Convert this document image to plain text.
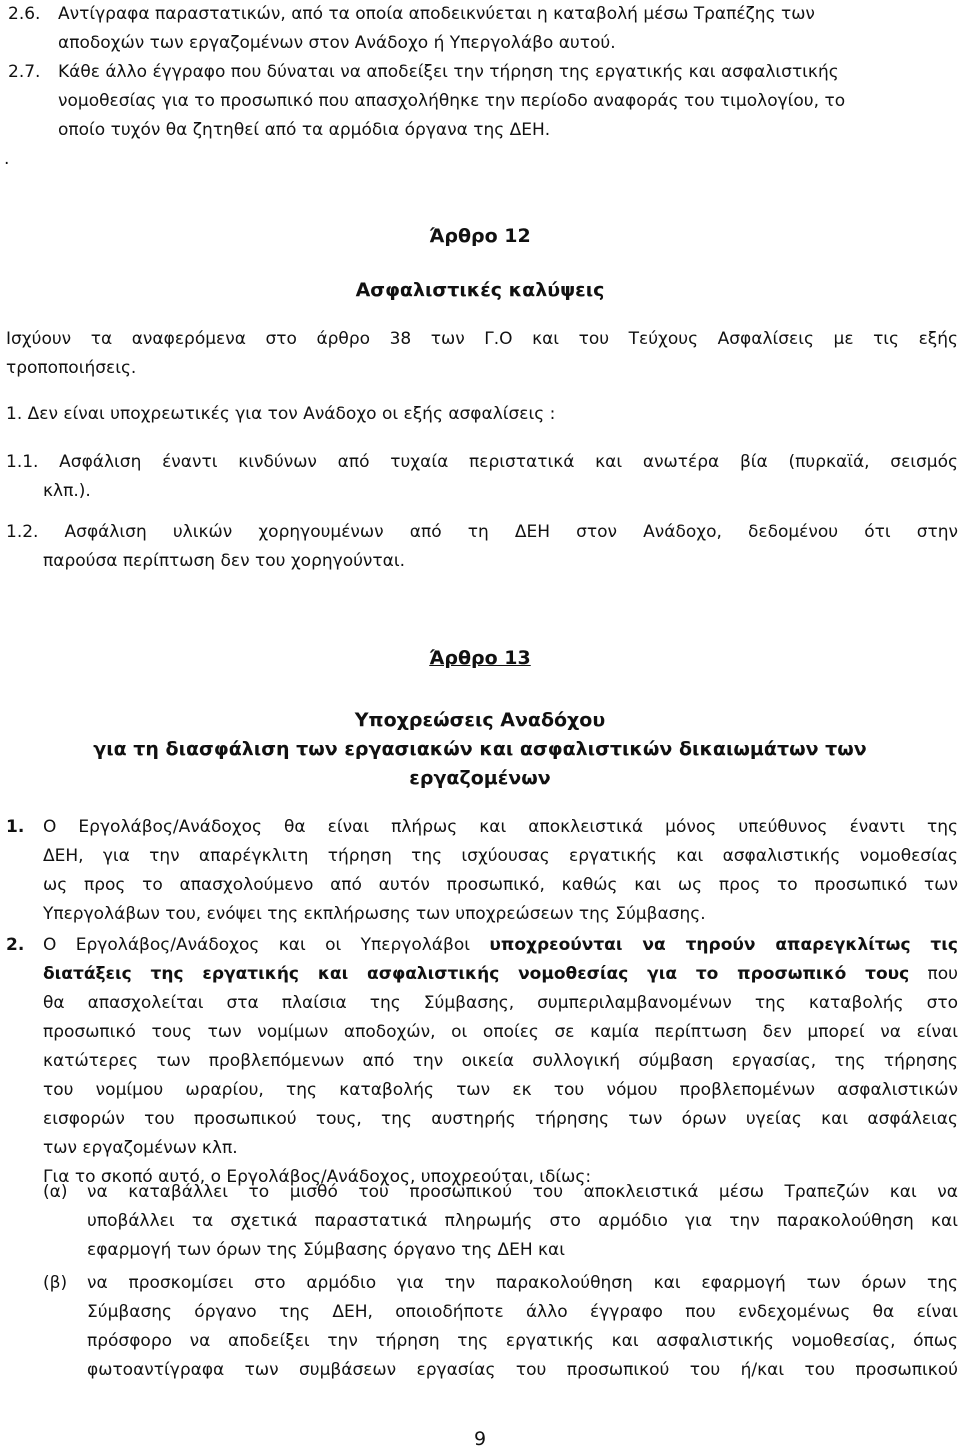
2.6. Αντίγραφα παραστατικών, από τα οποία αποδεικνύεται η καταβολή μέσω Τραπέζης των
αποδοχών των εργαζομένων στον Ανάδοχο ή Υπεργολάβο αυτού.
2.7. Κάθε άλλο έγγραφο που δύναται να αποδείξει την τήρηση της εργατικής και ασφαλιστικής
νομοθεσίας για το προσωπικό που απασχολήθηκε την περίοδο αναφοράς του τιμολογίου, το
οποίο τυχόν θα ζητηθεί από τα αρμόδια όργανα της ΔΕΗ.
.
Άρθρο 12
Ασφαλιστικές καλύψεις
Ισχύουν τα αναφερόμενα στο άρθρο 38 των Γ.Ο και του Τεύχους Ασφαλίσεις με τις εξής
τροποποιήσεις.
1. Δεν είναι υποχρεωτικές για τον Ανάδοχο οι εξής ασφαλίσεις :
1.1. Ασφάλιση έναντι κινδύνων από τυχαία περιστατικά και ανωτέρα βία (πυρκαϊά, σεισμός
κλπ.).
1.2. Ασφάλιση υλικών χορηγουμένων από τη ΔΕΗ στον Ανάδοχο, δεδομένου ότι στην
παρούσα περίπτωση δεν του χορηγούνται.
Άρθρο 13
Υποχρεώσεις Αναδόχου
για τη διασφάλιση των εργασιακών και ασφαλιστικών δικαιωμάτων των
εργαζομένων
1. Ο Εργολάβος/Ανάδοχος θα είναι πλήρως και αποκλειστικά μόνος υπεύθυνος έναντι της
ΔΕΗ, για την απαρέγκλιτη τήρηση της ισχύουσας εργατικής και ασφαλιστικής νομοθεσίας
ως προς το απασχολούμενο από αυτόν προσωπικό, καθώς και ως προς το προσωπικό των
Υπεργολάβων του, ενόψει της εκπλήρωσης των υποχρεώσεων της Σύμβασης.
2. Ο Εργολάβος/Ανάδοχος και οι Υπεργολάβοι υποχρεούνται να τηρούν απαρεγκλίτως τις
διατάξεις της εργατικής και ασφαλιστικής νομοθεσίας για το προσωπικό τους που
θα απασχολείται στα πλαίσια της Σύμβασης, συμπεριλαμβανομένων της καταβολής στο
προσωπικό τους των νομίμων αποδοχών, οι οποίες σε καμία περίπτωση δεν μπορεί να είναι
κατώτερες των προβλεπόμενων από την οικεία συλλογική σύμβαση εργασίας, της τήρησης
του νομίμου ωραρίου, της καταβολής των εκ του νόμου προβλεπομένων ασφαλιστικών
εισφορών του προσωπικού τους, της αυστηρής τήρησης των όρων υγείας και ασφάλειας
των εργαζομένων κλπ.
Για το σκοπό αυτό, ο Εργολάβος/Ανάδοχος, υποχρεούται, ιδίως:
(α) να καταβάλλει το μισθό του προσωπικού του αποκλειστικά μέσω Τραπεζών και να
υποβάλλει τα σχετικά παραστατικά πληρωμής στο αρμόδιο για την παρακολούθηση και
εφαρμογή των όρων της Σύμβασης όργανο της ΔΕΗ και
(β) να προσκομίσει στο αρμόδιο για την παρακολούθηση και εφαρμογή των όρων της
Σύμβασης όργανο της ΔΕΗ, οποιοδήποτε άλλο έγγραφο που ενδεχομένως θα είναι
πρόσφορο να αποδείξει την τήρηση της εργατικής και ασφαλιστικής νομοθεσίας, όπως
φωτοαντίγραφα των συμβάσεων εργασίας του προσωπικού του ή/και του προσωπικού
9
